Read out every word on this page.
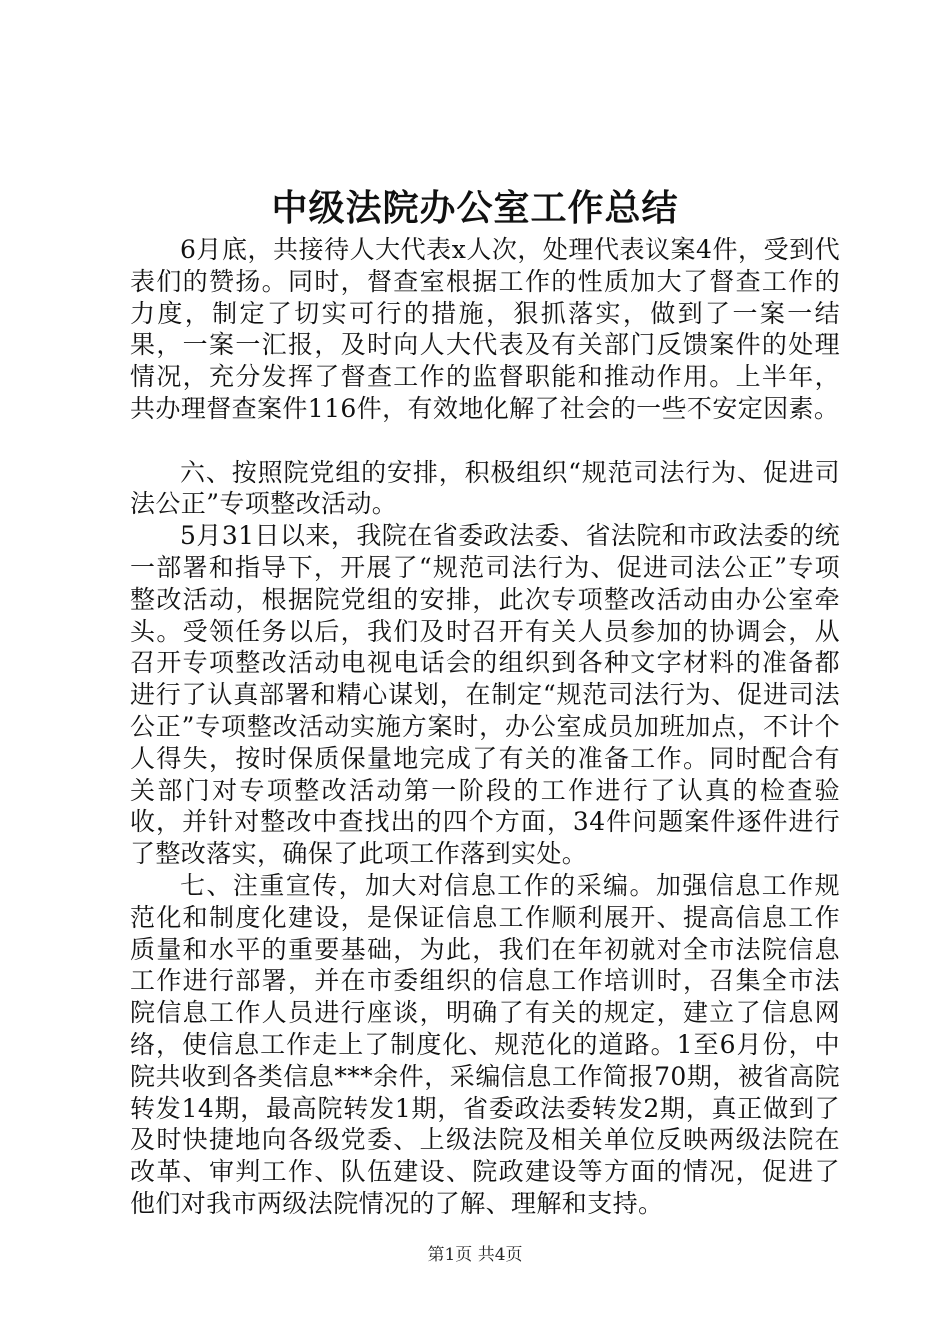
中级法院办公室工作总结

6月底，共接待人大代表x人次，处理代表议案4件，受到代表们的赞扬。同时，督查室根据工作的性质加大了督查工作的力度，制定了切实可行的措施，狠抓落实，做到了一案一结果，一案一汇报，及时向人大代表及有关部门反馈案件的处理情况，充分发挥了督查工作的监督职能和推动作用。上半年，共办理督查案件116件，有效地化解了社会的一些不安定因素。

六、按照院党组的安排，积极组织“规范司法行为、促进司法公正”专项整改活动。

5月31日以来，我院在省委政法委、省法院和市政法委的统一部署和指导下，开展了“规范司法行为、促进司法公正”专项整改活动，根据院党组的安排，此次专项整改活动由办公室牵头。受领任务以后，我们及时召开有关人员参加的协调会，从召开专项整改活动电视电话会的组织到各种文字材料的准备都进行了认真部署和精心谋划，在制定“规范司法行为、促进司法公正”专项整改活动实施方案时，办公室成员加班加点，不计个人得失，按时保质保量地完成了有关的准备工作。同时配合有关部门对专项整改活动第一阶段的工作进行了认真的检查验收，并针对整改中查找出的四个方面，34件问题案件逐件进行了整改落实，确保了此项工作落到实处。

七、注重宣传，加大对信息工作的采编。加强信息工作规范化和制度化建设，是保证信息工作顺利展开、提高信息工作质量和水平的重要基础，为此，我们在年初就对全市法院信息工作进行部署，并在市委组织的信息工作培训时，召集全市法院信息工作人员进行座谈，明确了有关的规定，建立了信息网络，使信息工作走上了制度化、规范化的道路。1至6月份，中院共收到各类信息***余件，采编信息工作简报70期，被省高院转发14期，最高院转发1期，省委政法委转发2期，真正做到了及时快捷地向各级党委、上级法院及相关单位反映两级法院在改革、审判工作、队伍建设、院政建设等方面的情况，促进了他们对我市两级法院情况的了解、理解和支持。

第1页 共4页
